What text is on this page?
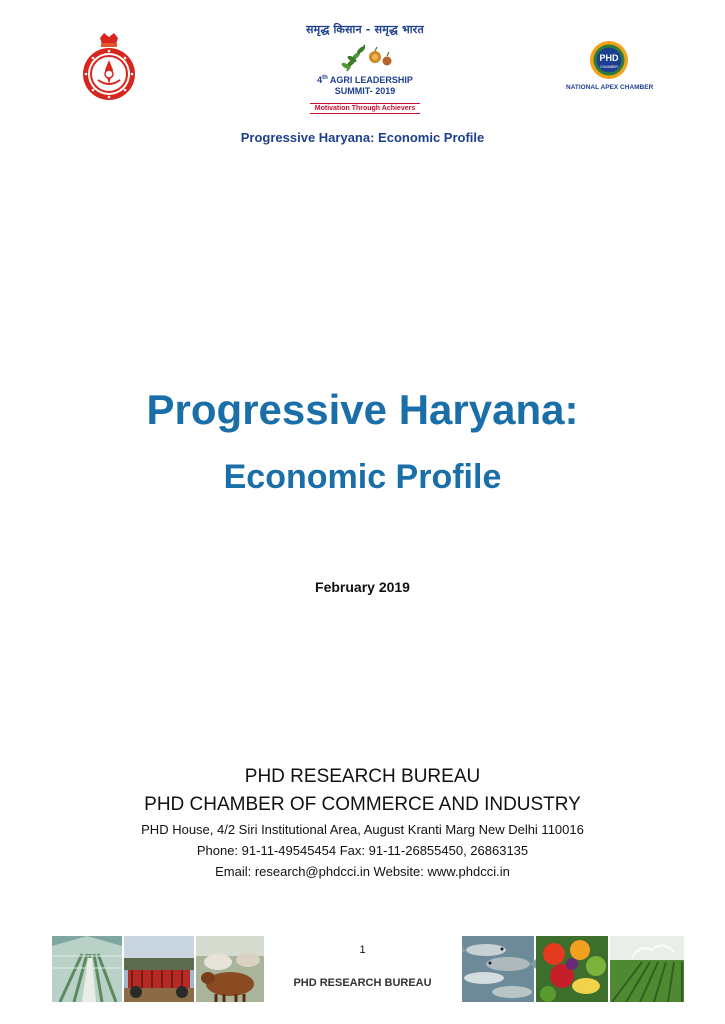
समृद्ध किसान - समृद्ध भारत
4th AGRI LEADERSHIP
SUMMIT- 2019
Motivation Through Achievers
PHD
CHAMBER
NATIONAL APEX CHAMBER
Progressive Haryana: Economic Profile
Progressive Haryana:
Economic Profile
February 2019
PHD RESEARCH BUREAU
PHD CHAMBER OF COMMERCE AND INDUSTRY
PHD House, 4/2 Siri Institutional Area, August Kranti Marg New Delhi 110016
Phone: 91-11-49545454 Fax: 91-11-26855450, 26863135
Email: research@phdcci.in Website: www.phdcci.in
1
PHD RESEARCH BUREAU
